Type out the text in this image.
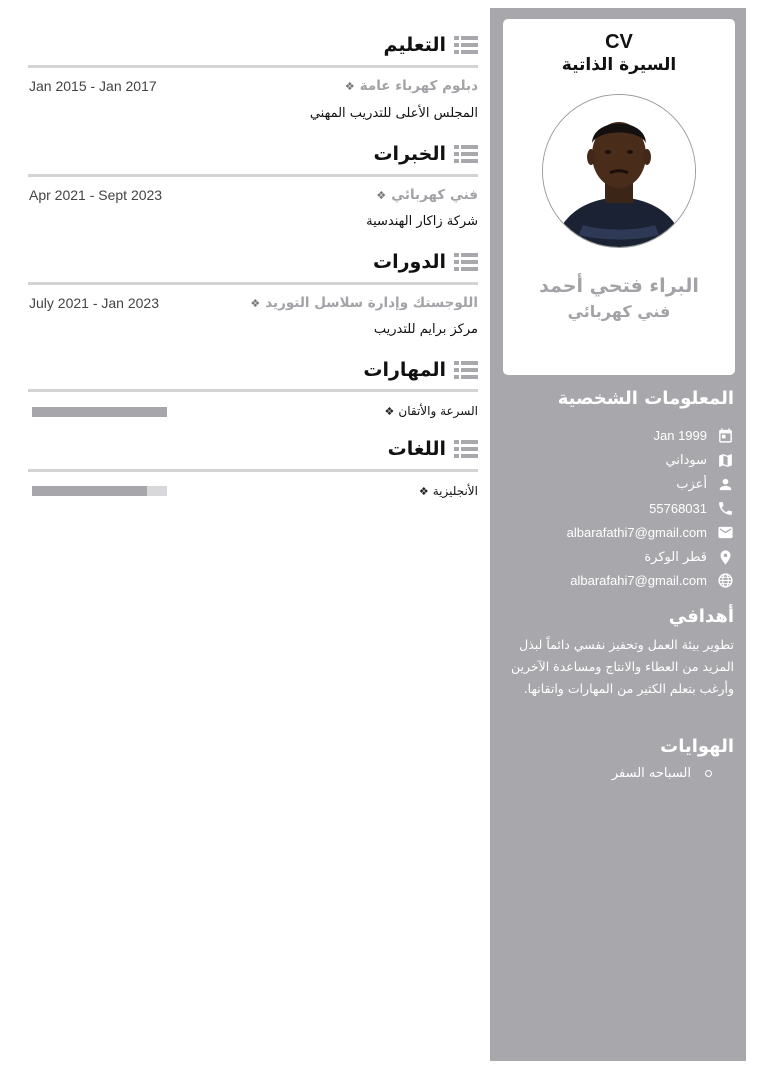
CV
السيرة الذاتية
البراء فتحي أحمد
فني كهربائي
المعلومات الشخصية
Jan 1999
سوداني
أعزب
55768031
albarafathi7@gmail.com
قطر الوكرة
albarafahi7@gmail.com
أهدافي
تطوير بيئة العمل وتحفيز نفسي دائماً لبذل المزيد من العطاء والانتاج ومساعدة الآخرين وأرغب بتعلم الكثير من المهارات واتقانها.
الهوايات
السباحه السفر
التعليم
دبلوم كهرباء عامة
❖
Jan 2015 - Jan 2017
المجلس الأعلى للتدريب المهني
الخبرات
فني كهربائي
❖
Apr 2021 - Sept 2023
شركة زاكار الهندسية
الدورات
اللوجستك وإدارة سلاسل التوريد
❖
July 2021 - Jan 2023
مركز برايم للتدريب
المهارات
السرعة والأتقان
❖
اللغات
الأنجليزية
❖
